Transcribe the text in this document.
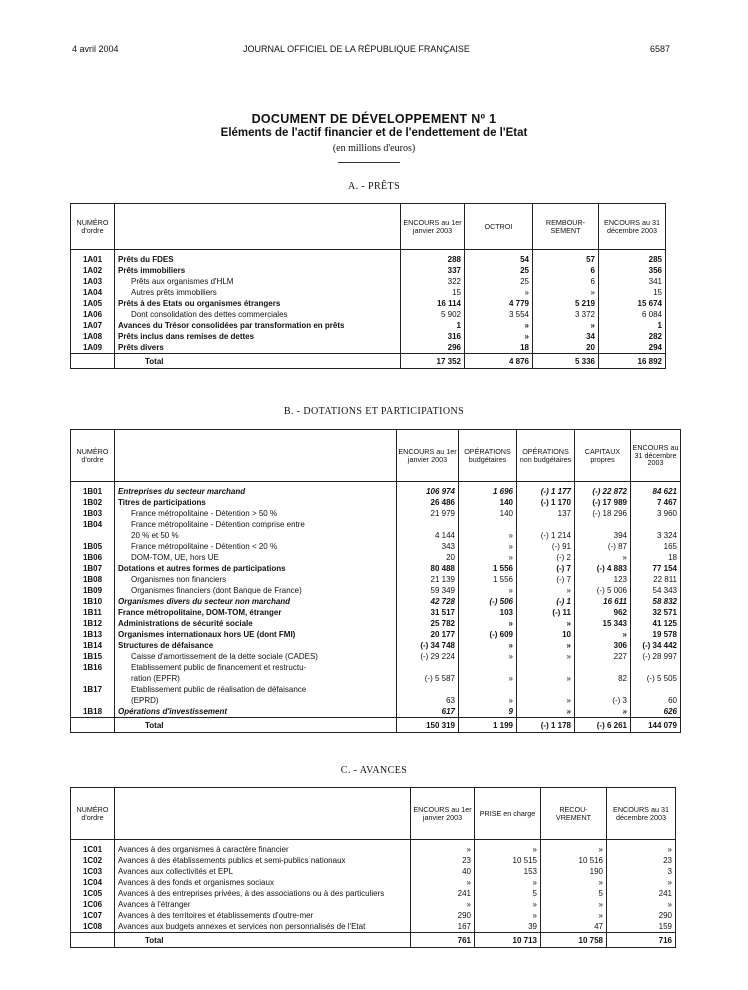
4 avril 2004	JOURNAL OFFICIEL DE LA RÉPUBLIQUE FRANÇAISE	6587
DOCUMENT DE DÉVELOPPEMENT Nº 1
Eléments de l'actif financier et de l'endettement de l'Etat
(en millions d'euros)
A. - PRÊTS
NUMÉRO d'ordre		ENCOURS au 1er janvier 2003	OCTROI	REMBOUR-SEMENT	ENCOURS au 31 décembre 2003
1A01	Prêts du FDES	288	54	57	285
1A02	Prêts immobiliers	337	25	6	356
1A03	Prêts aux organismes d'HLM	322	25	6	341
1A04	Autres prêts immobiliers	15	»	»	15
1A05	Prêts à des Etats ou organismes étrangers	16 114	4 779	5 219	15 674
1A06	Dont consolidation des dettes commerciales	5 902	3 554	3 372	6 084
1A07	Avances du Trésor consolidées par transformation en prêts	1	»	»	1
1A08	Prêts inclus dans remises de dettes	316	»	34	282
1A09	Prêts divers	296	18	20	294
	Total	17 352	4 876	5 336	16 892
B. - DOTATIONS ET PARTICIPATIONS
NUMÉRO d'ordre		ENCOURS au 1er janvier 2003	OPÉRATIONS budgétaires	OPÉRATIONS non budgétaires	CAPITAUX propres	ENCOURS au 31 décembre 2003
1B01	Entreprises du secteur marchand	106 974	1 696	(-) 1 177	(-) 22 872	84 621
1B02	Titres de participations	26 486	140	(-) 1 170	(-) 17 989	7 467
1B03	France métropolitaine - Détention > 50 %	21 979	140	137	(-) 18 296	3 960
1B04	France métropolitaine - Détention comprise entre					
	20 % et 50 %	4 144	»	(-) 1 214	394	3 324
1B05	France métropolitaine - Détention < 20 %	343	»	(-) 91	(-) 87	165
1B06	DOM-TOM, UE, hors UE	20	»	(-) 2	»	18
1B07	Dotations et autres formes de participations	80 488	1 556	(-) 7	(-) 4 883	77 154
1B08	Organismes non financiers	21 139	1 556	(-) 7	123	22 811
1B09	Organismes financiers (dont Banque de France)	59 349	»	»	(-) 5 006	54 343
1B10	Organismes divers du secteur non marchand	42 728	(-) 506	(-) 1	16 611	58 832
1B11	France métropolitaine, DOM-TOM, étranger	31 517	103	(-) 11	962	32 571
1B12	Administrations de sécurité sociale	25 782	»	»	15 343	41 125
1B13	Organismes internationaux hors UE (dont FMI)	20 177	(-) 609	10	»	19 578
1B14	Structures de défaisance	(-) 34 748	»	»	306	(-) 34 442
1B15	Caisse d'amortissement de la dette sociale (CADES)	(-) 29 224	»	»	227	(-) 28 997
1B16	Etablissement public de financement et restructu-					
	ration (EPFR)	(-) 5 587	»	»	82	(-) 5 505
1B17	Etablissement public de réalisation de défaisance					
	(EPRD)	63	»	»	(-) 3	60
1B18	Opérations d'investissement	617	9	»	»	626
	Total	150 319	1 199	(-) 1 178	(-) 6 261	144 079
C. - AVANCES
NUMÉRO d'ordre		ENCOURS au 1er janvier 2003	PRISE en charge	RECOU-VREMENT	ENCOURS au 31 décembre 2003
1C01	Avances à des organismes à caractère financier	»	»	»	»
1C02	Avances à des établissements publics et semi-publics nationaux	23	10 515	10 516	23
1C03	Avances aux collectivités et EPL	40	153	190	3
1C04	Avances à des fonds et organismes sociaux	»	»	»	»
1C05	Avances à des entreprises privées, à des associations ou à des particuliers	241	5	5	241
1C06	Avances à l'étranger	»	»	»	»
1C07	Avances à des territoires et établissements d'outre-mer	290	»	»	290
1C08	Avances aux budgets annexes et services non personnalisés de l'Etat	167	39	47	159
	Total	761	10 713	10 758	716
